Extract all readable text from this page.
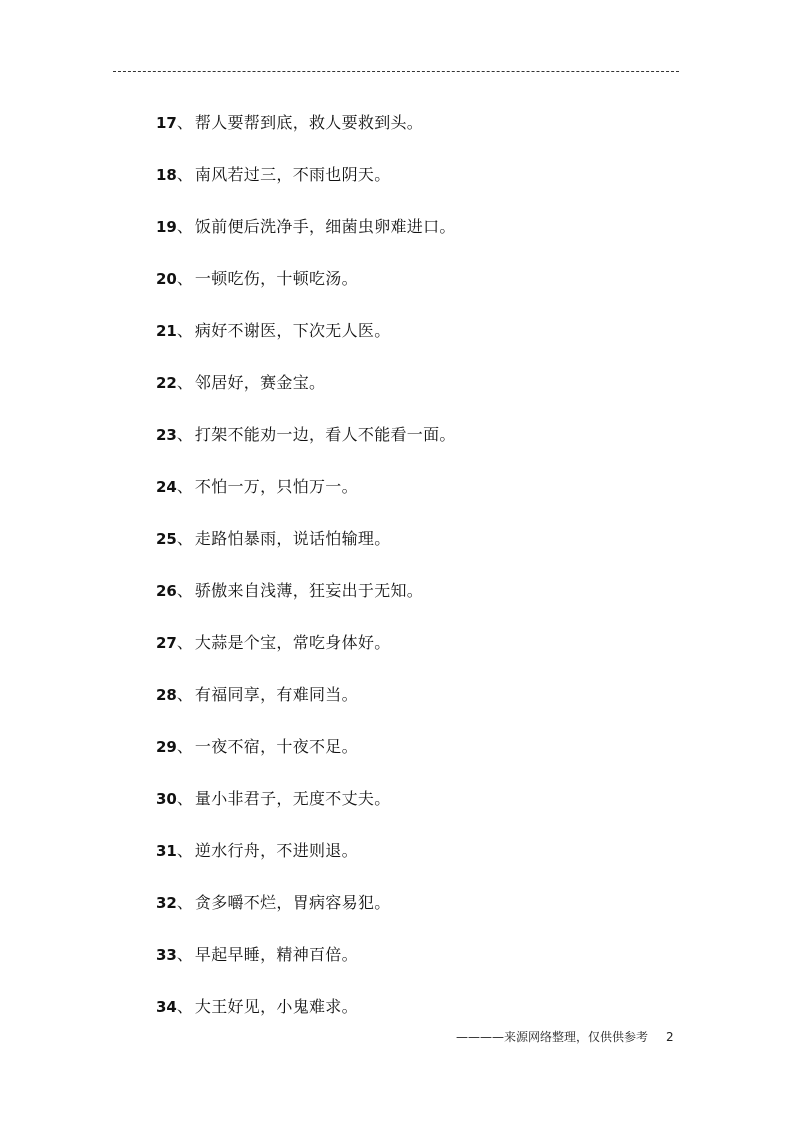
17 、 帮人要帮到底，救人要救到头。
18 、 南风若过三，不雨也阴天。
19 、 饭前便后洗净手，细菌虫卵难进口。
20 、 一顿吃伤，十顿吃汤。
21 、 病好不谢医，下次无人医。
22 、 邻居好，赛金宝。
23 、 打架不能劝一边，看人不能看一面。
24 、 不怕一万，只怕万一。
25 、 走路怕暴雨，说话怕输理。
26 、 骄傲来自浅薄，狂妄出于无知。
27 、 大蒜是个宝，常吃身体好。
28 、 有福同享，有难同当。
29 、 一夜不宿，十夜不足。
30 、 量小非君子，无度不丈夫。
31 、 逆水行舟，不进则退。
32 、 贪多嚼不烂，胃病容易犯。
33 、 早起早睡，精神百倍。
34 、 大王好见，小鬼难求。
————来源网络整理，仅供供参考 2
